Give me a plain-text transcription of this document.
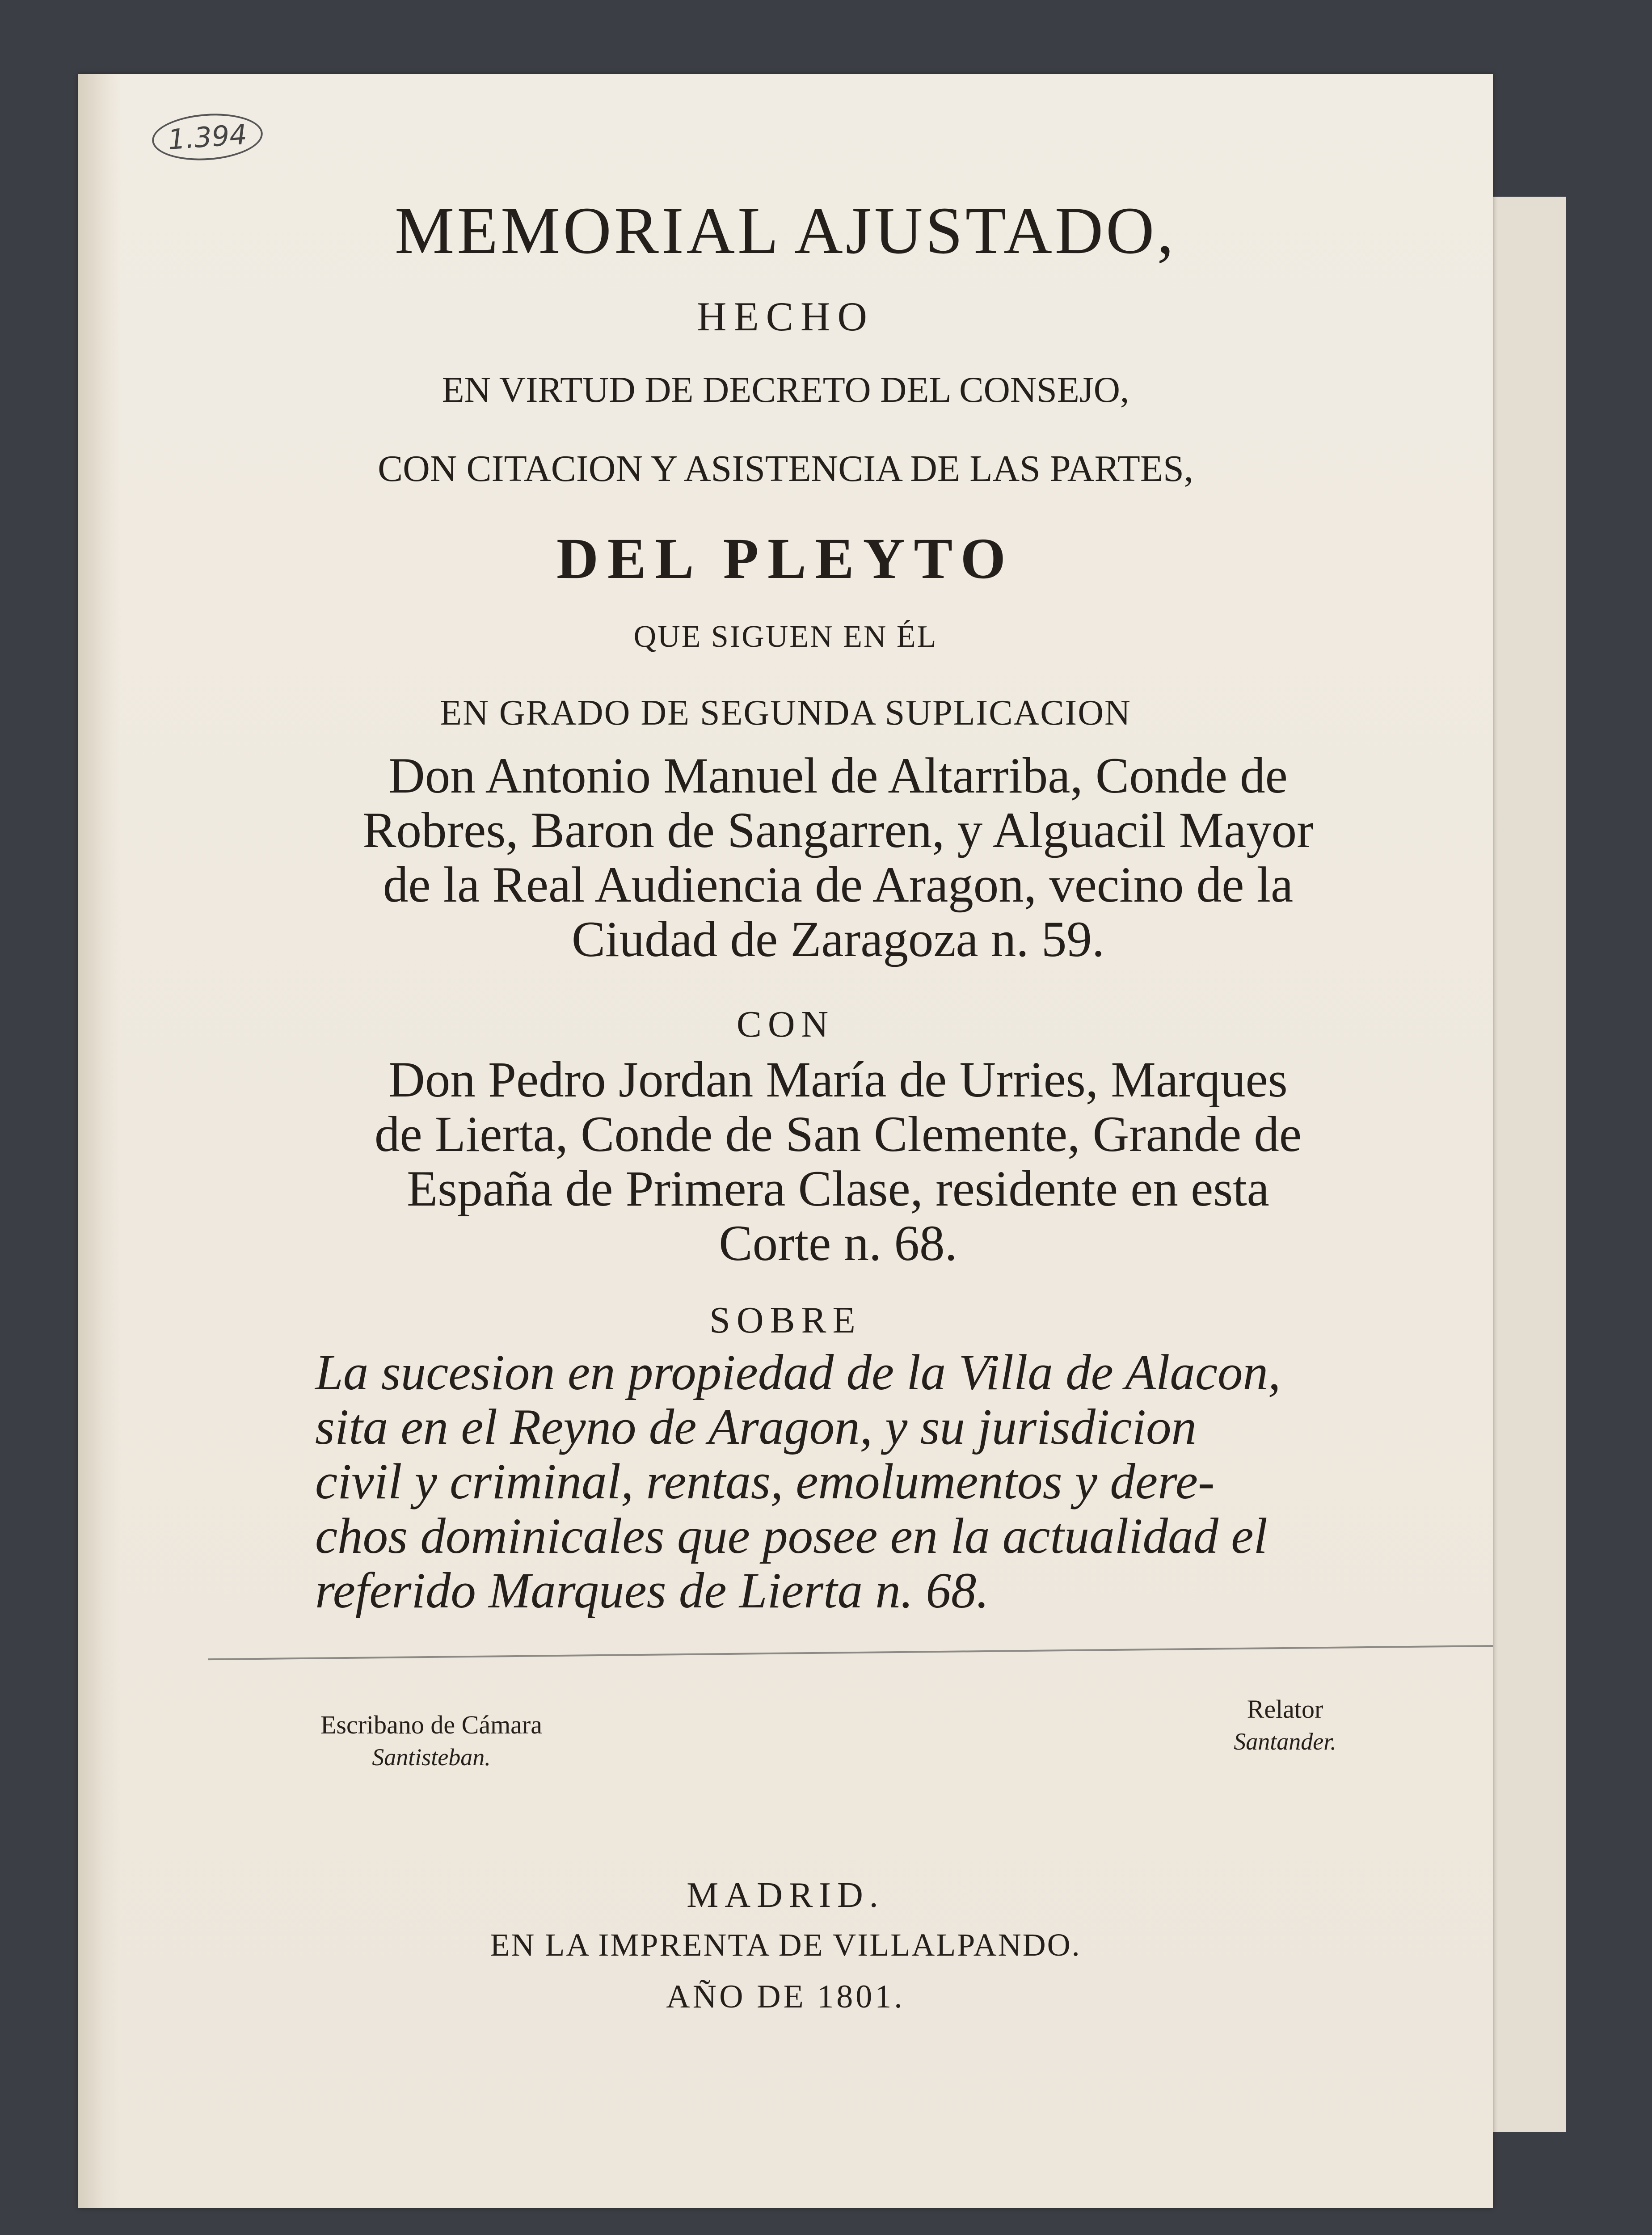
1.394
MEMORIAL AJUSTADO,
HECHO
EN VIRTUD DE DECRETO DEL CONSEJO,
CON CITACION Y ASISTENCIA DE LAS PARTES,
DEL PLEYTO
QUE SIGUEN EN ÉL
EN GRADO DE SEGUNDA SUPLICACION
Don Antonio Manuel de Altarriba, Conde de
Robres, Baron de Sangarren, y Alguacil Mayor
de la Real Audiencia de Aragon, vecino de la
Ciudad de Zaragoza n. 59.
CON
Don Pedro Jordan María de Urries, Marques
de Lierta, Conde de San Clemente, Grande de
España de Primera Clase, residente en esta
Corte n. 68.
SOBRE
La sucesion en propiedad de la Villa de Alacon,
sita en el Reyno de Aragon, y su jurisdicion
civil y criminal, rentas, emolumentos y dere-
chos dominicales que posee en la actualidad el
referido Marques de Lierta n. 68.
Escribano de Cámara
Santisteban.
Relator
Santander.
MADRID.
EN LA IMPRENTA DE VILLALPANDO.
AÑO DE 1801.
